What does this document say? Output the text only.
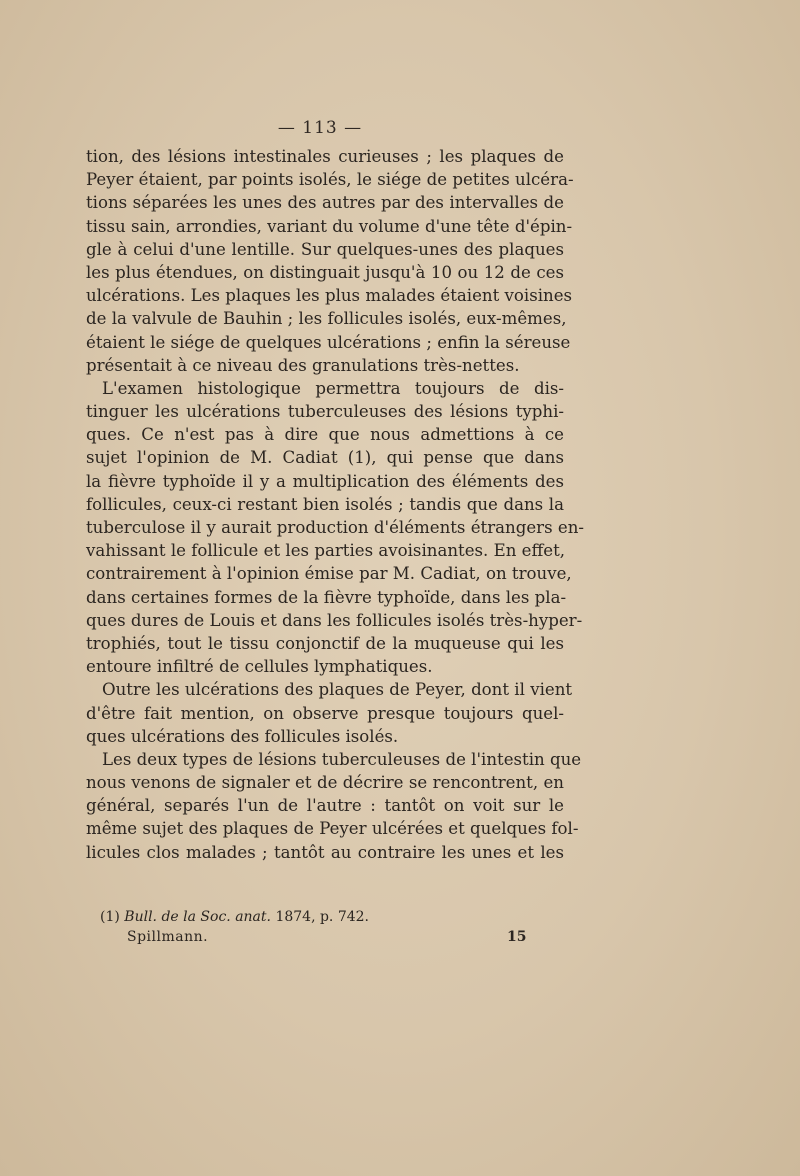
— 113 —
tion, des lésions intestinales curieuses ; les plaques de
Peyer étaient, par points isolés, le siége de petites ulcéra-
tions séparées les unes des autres par des intervalles de
tissu sain, arrondies, variant du volume d'une tête d'épin-
gle à celui d'une lentille. Sur quelques-unes des plaques
les plus étendues, on distinguait jusqu'à 10 ou 12 de ces
ulcérations. Les plaques les plus malades étaient voisines
de la valvule de Bauhin ; les follicules isolés, eux-mêmes,
étaient le siége de quelques ulcérations ; enfin la séreuse
présentait à ce niveau des granulations très-nettes.
L'examen histologique permettra toujours de dis-
tinguer les ulcérations tuberculeuses des lésions typhi-
ques. Ce n'est pas à dire que nous admettions à ce
sujet l'opinion de M. Cadiat (1), qui pense que dans
la fièvre typhoïde il y a multiplication des éléments des
follicules, ceux-ci restant bien isolés ; tandis que dans la
tuberculose il y aurait production d'éléments étrangers en-
vahissant le follicule et les parties avoisinantes. En effet,
contrairement à l'opinion émise par M. Cadiat, on trouve,
dans certaines formes de la fièvre typhoïde, dans les pla-
ques dures de Louis et dans les follicules isolés très-hyper-
trophiés, tout le tissu conjonctif de la muqueuse qui les
entoure infiltré de cellules lymphatiques.
Outre les ulcérations des plaques de Peyer, dont il vient
d'être fait mention, on observe presque toujours quel-
ques ulcérations des follicules isolés.
Les deux types de lésions tuberculeuses de l'intestin que
nous venons de signaler et de décrire se rencontrent, en
général, separés l'un de l'autre : tantôt on voit sur le
même sujet des plaques de Peyer ulcérées et quelques fol-
licules clos malades ; tantôt au contraire les unes et les
(1) Bull. de la Soc. anat. 1874, p. 742.
Spillmann.	15
